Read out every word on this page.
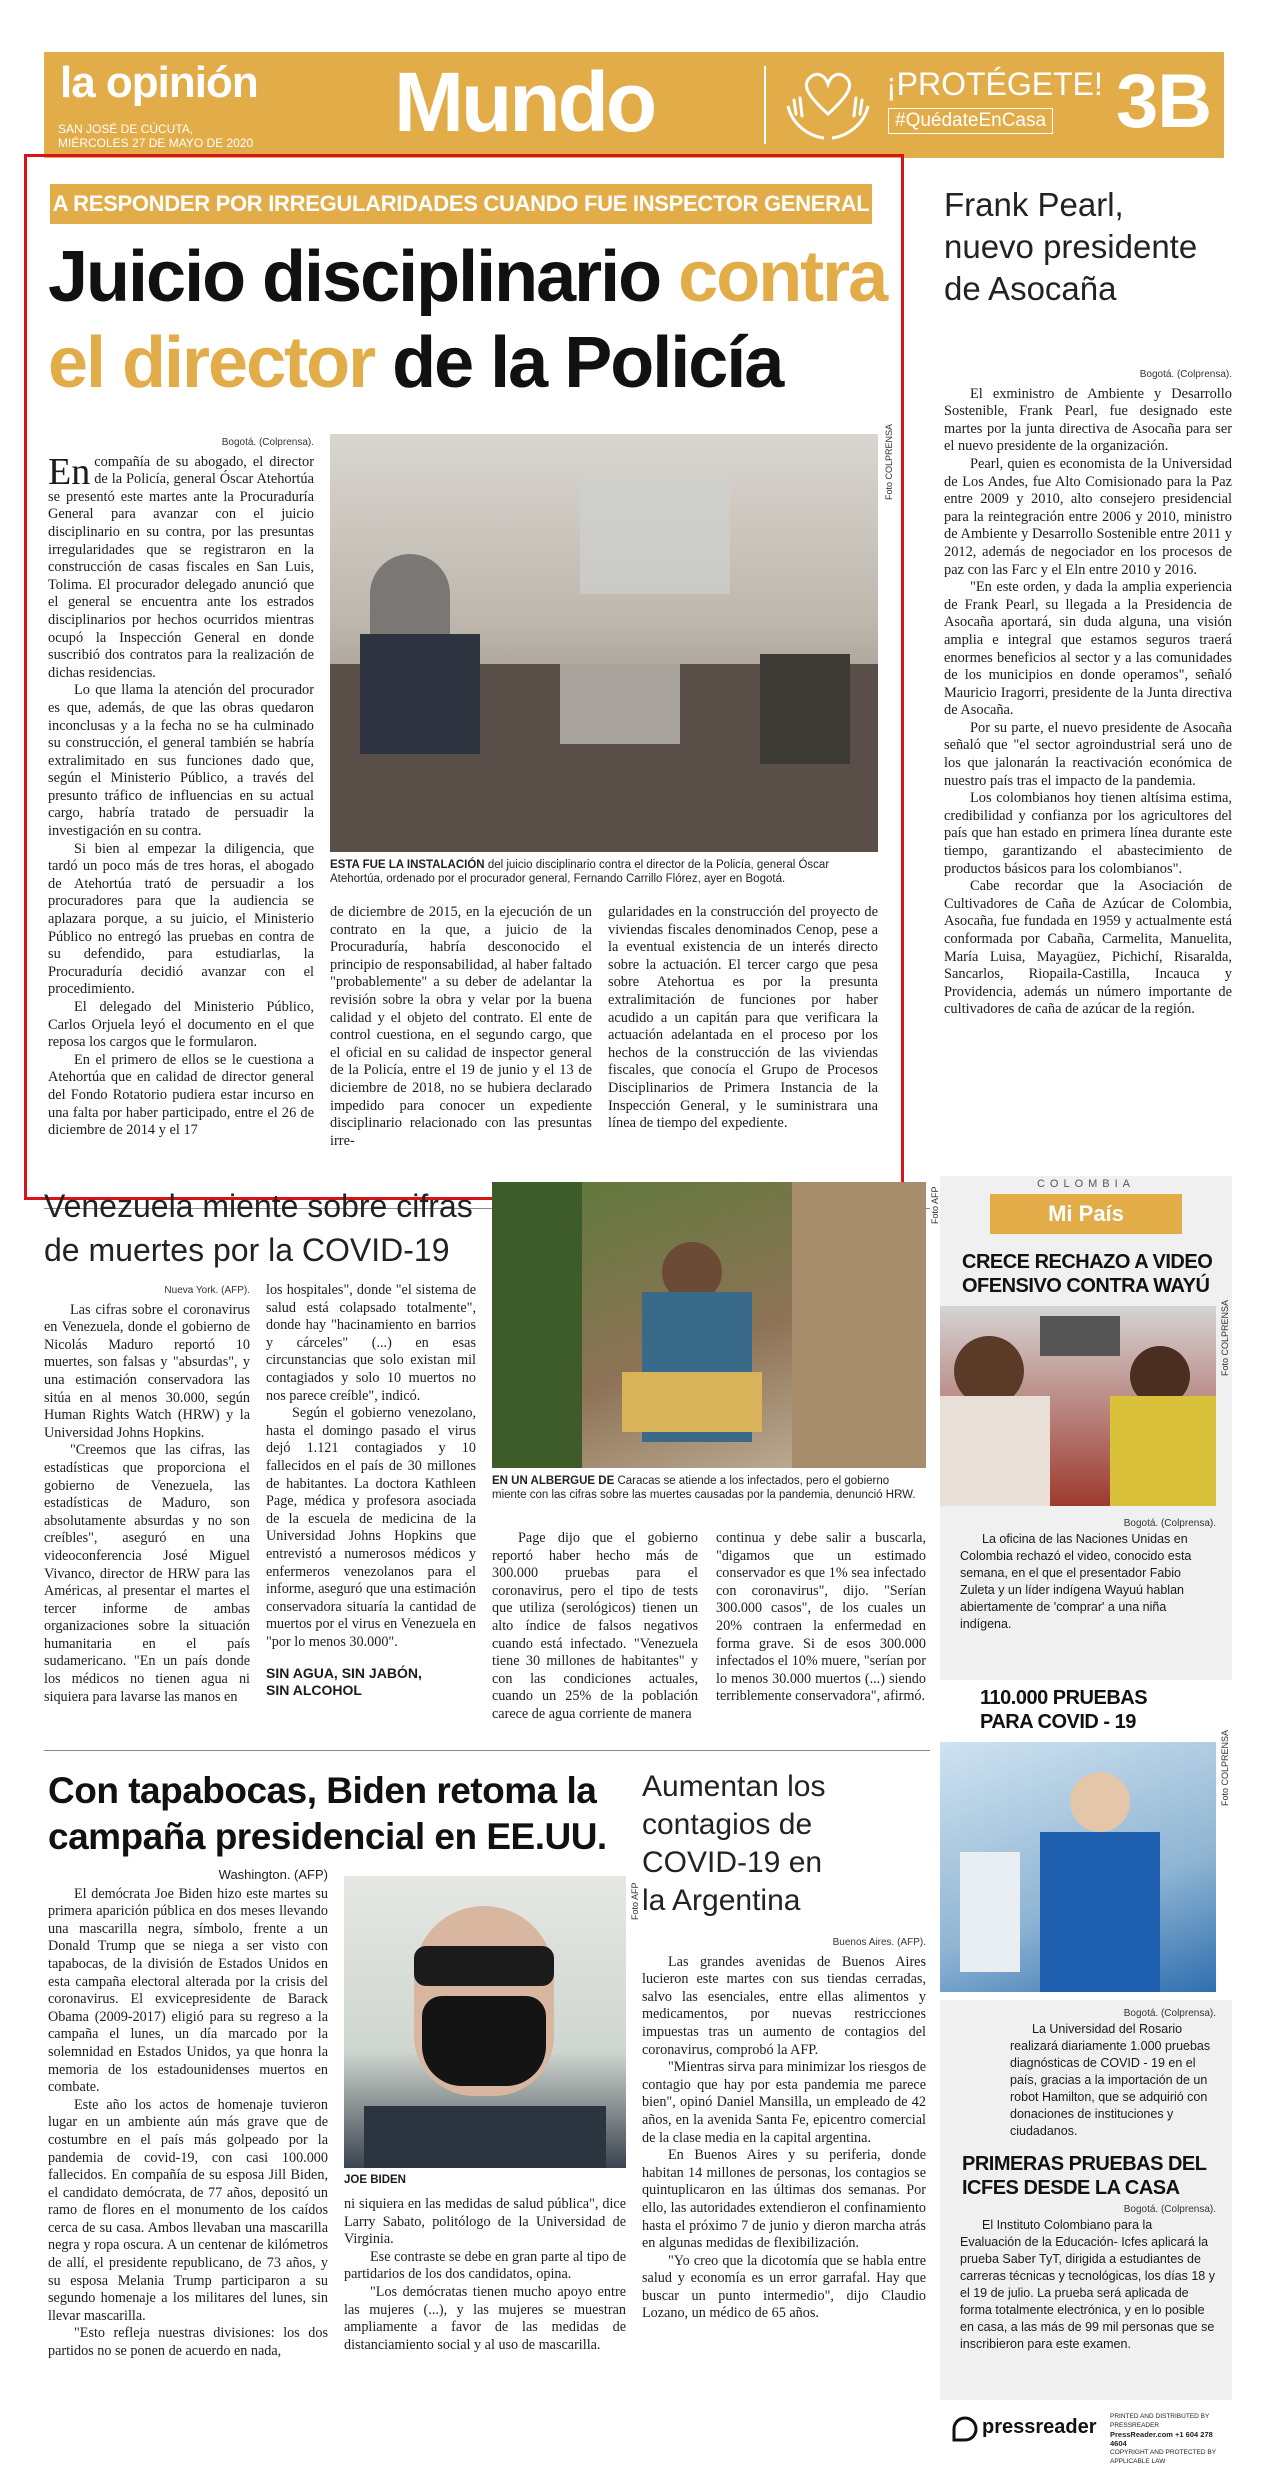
la opinión
SAN JOSÉ DE CÚCUTA,
MIÉRCOLES 27 DE MAYO DE 2020 Mundo	¡PROTÉGETE!
#QuédateEnCasa 3B
A RESPONDER POR IRREGULARIDADES CUANDO FUE INSPECTOR GENERAL
Juicio disciplinario contra
el director de la Policía
Bogotá. (Colprensa).

En compañía de su abogado, el director de la Policía, general Óscar Atehortúa se presentó este martes ante la Procuraduría General para avanzar con el juicio disciplinario en su contra, por las presuntas irregularidades que se registraron en la construcción de casas fiscales en San Luis, Tolima. El procurador delegado anunció que el general se encuentra ante los estrados disciplinarios por hechos ocurridos mientras ocupó la Inspección General en donde suscribió dos contratos para la realización de dichas residencias.

Lo que llama la atención del procurador es que, además, de que las obras quedaron inconclusas y a la fecha no se ha culminado su construcción, el general también se habría extralimitado en sus funciones dado que, según el Ministerio Público, a través del presunto tráfico de influencias en su actual cargo, habría tratado de persuadir la investigación en su contra.

Si bien al empezar la diligencia, que tardó un poco más de tres horas, el abogado de Atehortúa trató de persuadir a los procuradores para que la audiencia se aplazara porque, a su juicio, el Ministerio Público no entregó las pruebas en contra de su defendido, para estudiarlas, la Procuraduría decidió avanzar con el procedimiento.

El delegado del Ministerio Público, Carlos Orjuela leyó el documento en el que reposa los cargos que le formularon.

En el primero de ellos se le cuestiona a Atehortúa que en calidad de director general del Fondo Rotatorio pudiera estar incurso en una falta por haber participado, entre el 26 de diciembre de 2014 y el 17

Foto COLPRENSA
ESTA FUE LA INSTALACIÓN del juicio disciplinario contra el director de la Policía, general Óscar Atehortúa, ordenado por el procurador general, Fernando Carrillo Flórez, ayer en Bogotá.

de diciembre de 2015, en la ejecución de un contrato en la que, a juicio de la Procuraduría, habría desconocido el principio de responsabilidad, al haber faltado "probablemente" a su deber de adelantar la revisión sobre la obra y velar por la buena calidad y el objeto del contrato. El ente de control cuestiona, en el segundo cargo, que el oficial en su calidad de inspector general de la Policía, entre el 19 de junio y el 13 de diciembre de 2018, no se hubiera declarado impedido para conocer un expediente disciplinario relacionado con las presuntas irre-

gularidades en la construcción del proyecto de viviendas fiscales denominados Cenop, pese a la eventual existencia de un interés directo sobre la actuación. El tercer cargo que pesa sobre Atehortua es por la presunta extralimitación de funciones por haber acudido a un capitán para que verificara la actuación adelantada en el proceso por los hechos de la construcción de las viviendas fiscales, que conocía el Grupo de Procesos Disciplinarios de Primera Instancia de la Inspección General, y le suministrara una línea de tiempo del expediente.

Frank Pearl,
nuevo presidente
de Asocaña
Bogotá. (Colprensa).

El exministro de Ambiente y Desarrollo Sostenible, Frank Pearl, fue designado este martes por la junta directiva de Asocaña para ser el nuevo presidente de la organización.

Pearl, quien es economista de la Universidad de Los Andes, fue Alto Comisionado para la Paz entre 2009 y 2010, alto consejero presidencial para la reintegración entre 2006 y 2010, ministro de Ambiente y Desarrollo Sostenible entre 2011 y 2012, además de negociador en los procesos de paz con las Farc y el Eln entre 2010 y 2016.

"En este orden, y dada la amplia experiencia de Frank Pearl, su llegada a la Presidencia de Asocaña aportará, sin duda alguna, una visión amplia e integral que estamos seguros traerá enormes beneficios al sector y a las comunidades de los municipios en donde operamos", señaló Mauricio Iragorri, presidente de la Junta directiva de Asocaña.

Por su parte, el nuevo presidente de Asocaña señaló que "el sector agroindustrial será uno de los que jalonarán la reactivación económica de nuestro país tras el impacto de la pandemia.

Los colombianos hoy tienen altísima estima, credibilidad y confianza por los agricultores del país que han estado en primera línea durante este tiempo, garantizando el abastecimiento de productos básicos para los colombianos".

Cabe recordar que la Asociación de Cultivadores de Caña de Azúcar de Colombia, Asocaña, fue fundada en 1959 y actualmente está conformada por Cabaña, Carmelita, Manuelita, María Luisa, Mayagüez, Pichichí, Risaralda, Sancarlos, Riopaila-Castilla, Incauca y Providencia, además un número importante de cultivadores de caña de azúcar de la región.

Venezuela miente sobre cifras
de muertes por la COVID-19
Nueva York. (AFP).

Las cifras sobre el coronavirus en Venezuela, donde el gobierno de Nicolás Maduro reportó 10 muertes, son falsas y "absurdas", y una estimación conservadora las sitúa en al menos 30.000, según Human Rights Watch (HRW) y la Universidad Johns Hopkins.

"Creemos que las cifras, las estadísticas que proporciona el gobierno de Venezuela, las estadísticas de Maduro, son absolutamente absurdas y no son creíbles", aseguró en una videoconferencia José Miguel Vivanco, director de HRW para las Américas, al presentar el martes el tercer informe de ambas organizaciones sobre la situación humanitaria en el país sudamericano. "En un país donde los médicos no tienen agua ni siquiera para lavarse las manos en

los hospitales", donde "el sistema de salud está colapsado totalmente", donde hay "hacinamiento en barrios y cárceles" (...) en esas circunstancias que solo existan mil contagiados y solo 10 muertos no nos parece creíble", indicó.

Según el gobierno venezolano, hasta el domingo pasado el virus dejó 1.121 contagiados y 10 fallecidos en el país de 30 millones de habitantes. La doctora Kathleen Page, médica y profesora asociada de la escuela de medicina de la Universidad Johns Hopkins que entrevistó a numerosos médicos y enfermeros venezolanos para el informe, aseguró que una estimación conservadora situaría la cantidad de muertos por el virus en Venezuela en "por lo menos 30.000".

SIN AGUA, SIN JABÓN,
SIN ALCOHOL
Foto AFP
EN UN ALBERGUE DE Caracas se atiende a los infectados, pero el gobierno miente con las cifras sobre las muertes causadas por la pandemia, denunció HRW.

Page dijo que el gobierno reportó haber hecho más de 300.000 pruebas para el coronavirus, pero el tipo de tests que utiliza (serológicos) tienen un alto índice de falsos negativos cuando está infectado. "Venezuela tiene 30 millones de habitantes" y con las condiciones actuales, cuando un 25% de la población carece de agua corriente de manera

continua y debe salir a buscarla, "digamos que un estimado conservador es que 1% sea infectado con coronavirus", dijo. "Serían 300.000 casos", de los cuales un 20% contraen la enfermedad en forma grave. Si de esos 300.000 infectados el 10% muere, "serían por lo menos 30.000 muertos (...) siendo terriblemente conservadora", afirmó.

COLOMBIA
Mi País
CRECE RECHAZO A VIDEO
OFENSIVO CONTRA WAYÚ
Foto COLPRENSA
Bogotá. (Colprensa).
La oficina de las Naciones Unidas en Colombia rechazó el video, conocido esta semana, en el que el presentador Fabio Zuleta y un líder indígena Wayuú hablan abiertamente de 'comprar' a una niña indígena.
110.000 PRUEBAS
PARA COVID - 19
Foto COLPRENSA
Bogotá. (Colprensa).
La Universidad del Rosario realizará diariamente 1.000 pruebas diagnósticas de COVID - 19 en el país, gracias a la importación de un robot Hamilton, que se adquirió con donaciones de instituciones y ciudadanos.
PRIMERAS PRUEBAS DEL
ICFES DESDE LA CASA
Bogotá. (Colprensa).
El Instituto Colombiano para la Evaluación de la Educación- Icfes aplicará la prueba Saber TyT, dirigida a estudiantes de carreras técnicas y tecnológicas, los días 18 y el 19 de julio. La prueba será aplicada de forma totalmente electrónica, y en lo posible en casa, a las más de 99 mil personas que se inscribieron para este examen.
Con tapabocas, Biden retoma la
campaña presidencial en EE.UU.
Washington. (AFP)

El demócrata Joe Biden hizo este martes su primera aparición pública en dos meses llevando una mascarilla negra, símbolo, frente a un Donald Trump que se niega a ser visto con tapabocas, de la división de Estados Unidos en esta campaña electoral alterada por la crisis del coronavirus. El exvicepresidente de Barack Obama (2009-2017) eligió para su regreso a la campaña el lunes, un día marcado por la solemnidad en Estados Unidos, ya que honra la memoria de los estadounidenses muertos en combate.

Este año los actos de homenaje tuvieron lugar en un ambiente aún más grave que de costumbre en el país más golpeado por la pandemia de covid-19, con casi 100.000 fallecidos. En compañía de su esposa Jill Biden, el candidato demócrata, de 77 años, depositó un ramo de flores en el monumento de los caídos cerca de su casa. Ambos llevaban una mascarilla negra y ropa oscura. A un centenar de kilómetros de allí, el presidente republicano, de 73 años, y su esposa Melania Trump participaron a su segundo homenaje a los militares del lunes, sin llevar mascarilla.

"Esto refleja nuestras divisiones: los dos partidos no se ponen de acuerdo en nada,

Foto AFP
JOE BIDEN

ni siquiera en las medidas de salud pública", dice Larry Sabato, politólogo de la Universidad de Virginia.

Ese contraste se debe en gran parte al tipo de partidarios de los dos candidatos, opina.

"Los demócratas tienen mucho apoyo entre las mujeres (...), y las mujeres se muestran ampliamente a favor de las medidas de distanciamiento social y al uso de mascarilla.

Aumentan los
contagios de
COVID-19 en
la Argentina
Buenos Aires. (AFP).

Las grandes avenidas de Buenos Aires lucieron este martes con sus tiendas cerradas, salvo las esenciales, entre ellas alimentos y medicamentos, por nuevas restricciones impuestas tras un aumento de contagios del coronavirus, comprobó la AFP.

"Mientras sirva para minimizar los riesgos de contagio que hay por esta pandemia me parece bien", opinó Daniel Mansilla, un empleado de 42 años, en la avenida Santa Fe, epicentro comercial de la clase media en la capital argentina.

En Buenos Aires y su periferia, donde habitan 14 millones de personas, los contagios se quintuplicaron en las últimas dos semanas. Por ello, las autoridades extendieron el confinamiento hasta el próximo 7 de junio y dieron marcha atrás en algunas medidas de flexibilización.

"Yo creo que la dicotomía que se habla entre salud y economía es un error garrafal. Hay que buscar un punto intermedio", dijo Claudio Lozano, un médico de 65 años.

pressreader PRINTED AND DISTRIBUTED BY PRESSREADER
PressReader.com +1 604 278 4604
COPYRIGHT AND PROTECTED BY APPLICABLE LAW
